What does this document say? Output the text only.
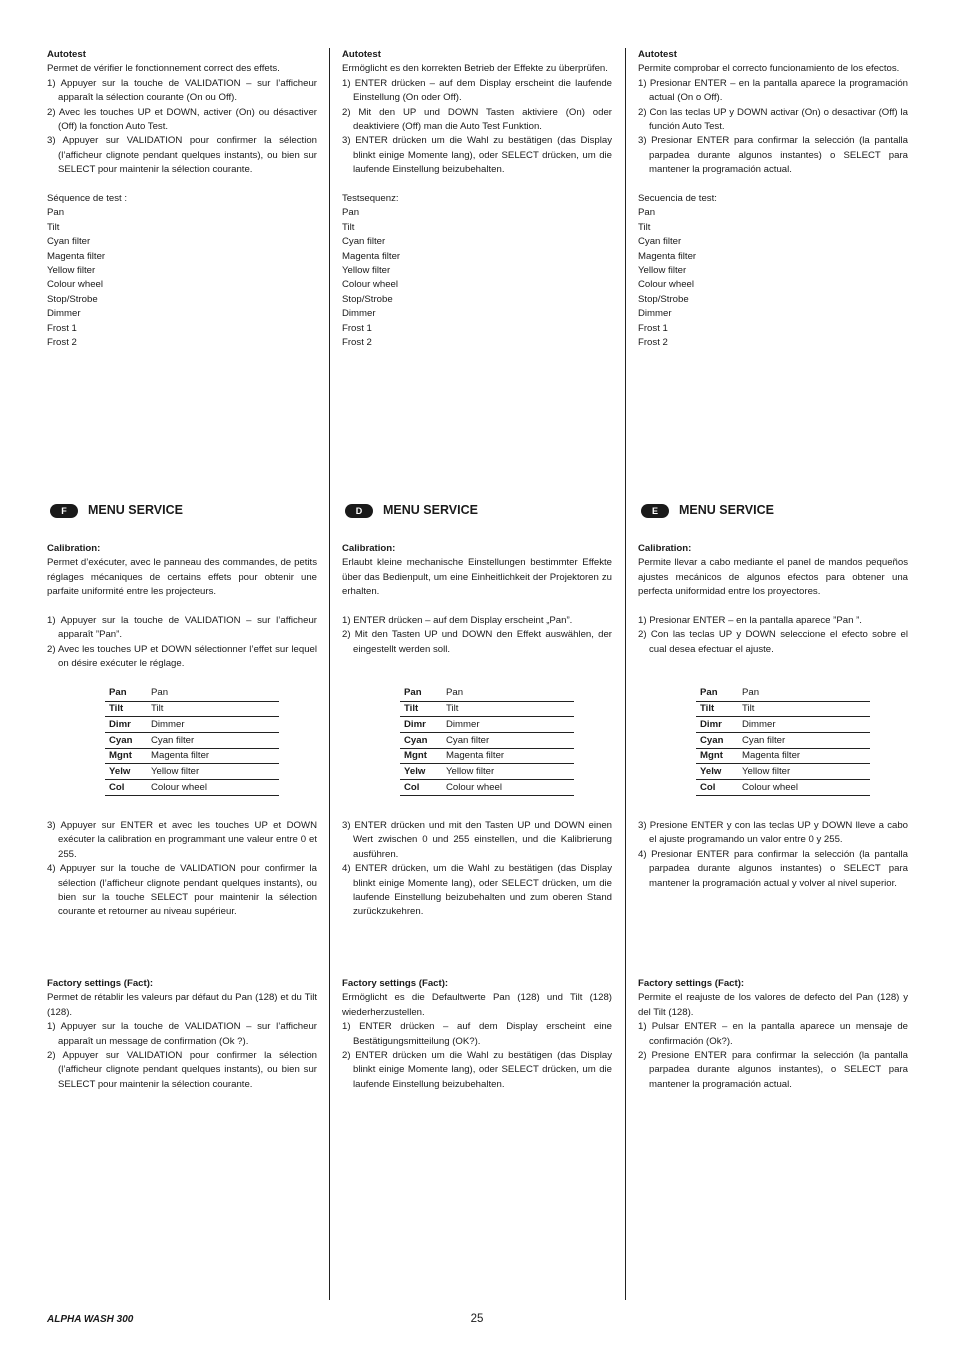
Autotest

Permet de vérifier le fonctionnement correct des effets.

1) Appuyer sur la touche de VALIDATION – sur l’afficheur apparaît la sélection courante (On ou Off).
2) Avec les touches UP et DOWN, activer (On) ou désactiver (Off) la fonction Auto Test.
3) Appuyer sur VALIDATION pour confirmer la sélection (l’afficheur clignote pendant quelques instants), ou bien sur SELECT pour maintenir la sélection courante.

Séquence de test :

Pan

Tilt

Cyan filter

Magenta filter

Yellow filter

Colour wheel

Stop/Strobe

Dimmer

Frost 1

Frost 2

F	MENU SERVICE

Calibration:

Permet d’exécuter, avec le panneau des commandes, de petits réglages mécaniques de certains effets pour obtenir une parfaite uniformité entre les projecteurs.

1) Appuyer sur la touche de VALIDATION – sur l’afficheur apparaît ”Pan”.
2) Avec les touches UP et DOWN sélectionner l’effet sur lequel on désire exécuter le réglage.
Pan	Pan
Tilt	Tilt
Dimr	Dimmer
Cyan	Cyan filter
Mgnt	Magenta filter
Yelw	Yellow filter
Col	Colour wheel
3) Appuyer sur ENTER et avec les touches UP et DOWN exécuter la calibration en programmant une valeur entre 0 et 255.
4) Appuyer sur la touche de VALIDATION pour confirmer la sélection (l’afficheur clignote pendant quelques instants), ou bien sur la touche SELECT pour maintenir la sélection courante et retourner au niveau supérieur.

Factory settings (Fact):

Permet de rétablir les valeurs par défaut du Pan (128) et du Tilt (128).

1) Appuyer sur la touche de VALIDATION – sur l’afficheur apparaît un message de confirmation (Ok ?).
2) Appuyer sur VALIDATION pour confirmer la sélection (l’afficheur clignote pendant quelques instants), ou bien sur SELECT pour maintenir la sélection courante.

Autotest

Ermöglicht es den korrekten Betrieb der Effekte zu überprüfen.

1) ENTER drücken – auf dem Display erscheint die laufende Einstellung (On oder Off).
2) Mit den UP und DOWN Tasten aktiviere (On) oder deaktiviere (Off) man die Auto Test Funktion.
3) ENTER drücken um die Wahl zu bestätigen (das Display blinkt einige Momente lang), oder SELECT drücken, um die laufende Einstellung beizubehalten.

Testsequenz:

Pan

Tilt

Cyan filter

Magenta filter

Yellow filter

Colour wheel

Stop/Strobe

Dimmer

Frost 1

Frost 2

D	MENU SERVICE

Calibration:

Erlaubt kleine mechanische Einstellungen bestimmter Effekte über das Bedienpult, um eine Einheitlichkeit der Projektoren zu erhalten.

1) ENTER drücken – auf dem Display erscheint „Pan”.
2) Mit den Tasten UP und DOWN den Effekt auswählen, der eingestellt werden soll.
Pan	Pan
Tilt	Tilt
Dimr	Dimmer
Cyan	Cyan filter
Mgnt	Magenta filter
Yelw	Yellow filter
Col	Colour wheel
3) ENTER drücken und mit den Tasten UP und DOWN einen Wert zwischen 0 und 255 einstellen, und die Kalibrierung ausführen.
4) ENTER drücken, um die Wahl zu bestätigen (das Display blinkt einige Momente lang), oder SELECT drücken, um die laufende Einstellung beizubehalten und zum oberen Stand zurückzukehren.

Factory settings (Fact):

Ermöglicht es die Defaultwerte Pan (128) und Tilt (128) wiederherzustellen.

1) ENTER drücken – auf dem Display erscheint eine Bestätigungsmitteilung (OK?).
2) ENTER drücken um die Wahl zu bestätigen (das Display blinkt einige Momente lang), oder SELECT drücken, um die laufende Einstellung beizubehalten.

Autotest

Permite comprobar el correcto funcionamiento de los efectos.

1) Presionar ENTER – en la pantalla aparece la programación actual (On o Off).
2) Con las teclas UP y DOWN activar (On) o desactivar (Off) la función Auto Test.
3) Presionar ENTER para confirmar la selección (la pantalla parpadea durante algunos instantes) o SELECT para mantener la programación actual.

Secuencia de test:

Pan

Tilt

Cyan filter

Magenta filter

Yellow filter

Colour wheel

Stop/Strobe

Dimmer

Frost 1

Frost 2

E	MENU SERVICE

Calibration:

Permite llevar a cabo mediante el panel de mandos pequeños ajustes mecánicos de algunos efectos para obtener una perfecta uniformidad entre los proyectores.

1) Presionar ENTER – en la pantalla aparece ”Pan ”.
2) Con las teclas UP y DOWN seleccione el efecto sobre el cual desea efectuar el ajuste.
Pan	Pan
Tilt	Tilt
Dimr	Dimmer
Cyan	Cyan filter
Mgnt	Magenta filter
Yelw	Yellow filter
Col	Colour wheel
3) Presione ENTER y con las teclas UP y DOWN lleve a cabo el ajuste programando un valor entre 0 y 255.
4) Presionar ENTER para confirmar la selección (la pantalla parpadea durante algunos instantes) o SELECT para mantener la programación actual y volver al nivel superior.

Factory settings (Fact):

Permite el reajuste de los valores de defecto del Pan (128) y del Tilt (128).

1) Pulsar ENTER – en la pantalla aparece un mensaje de confirmación (Ok?).
2) Presione ENTER para confirmar la selección (la pantalla parpadea durante algunos instantes), o SELECT para mantener la programación actual.
ALPHA WASH 300	25
